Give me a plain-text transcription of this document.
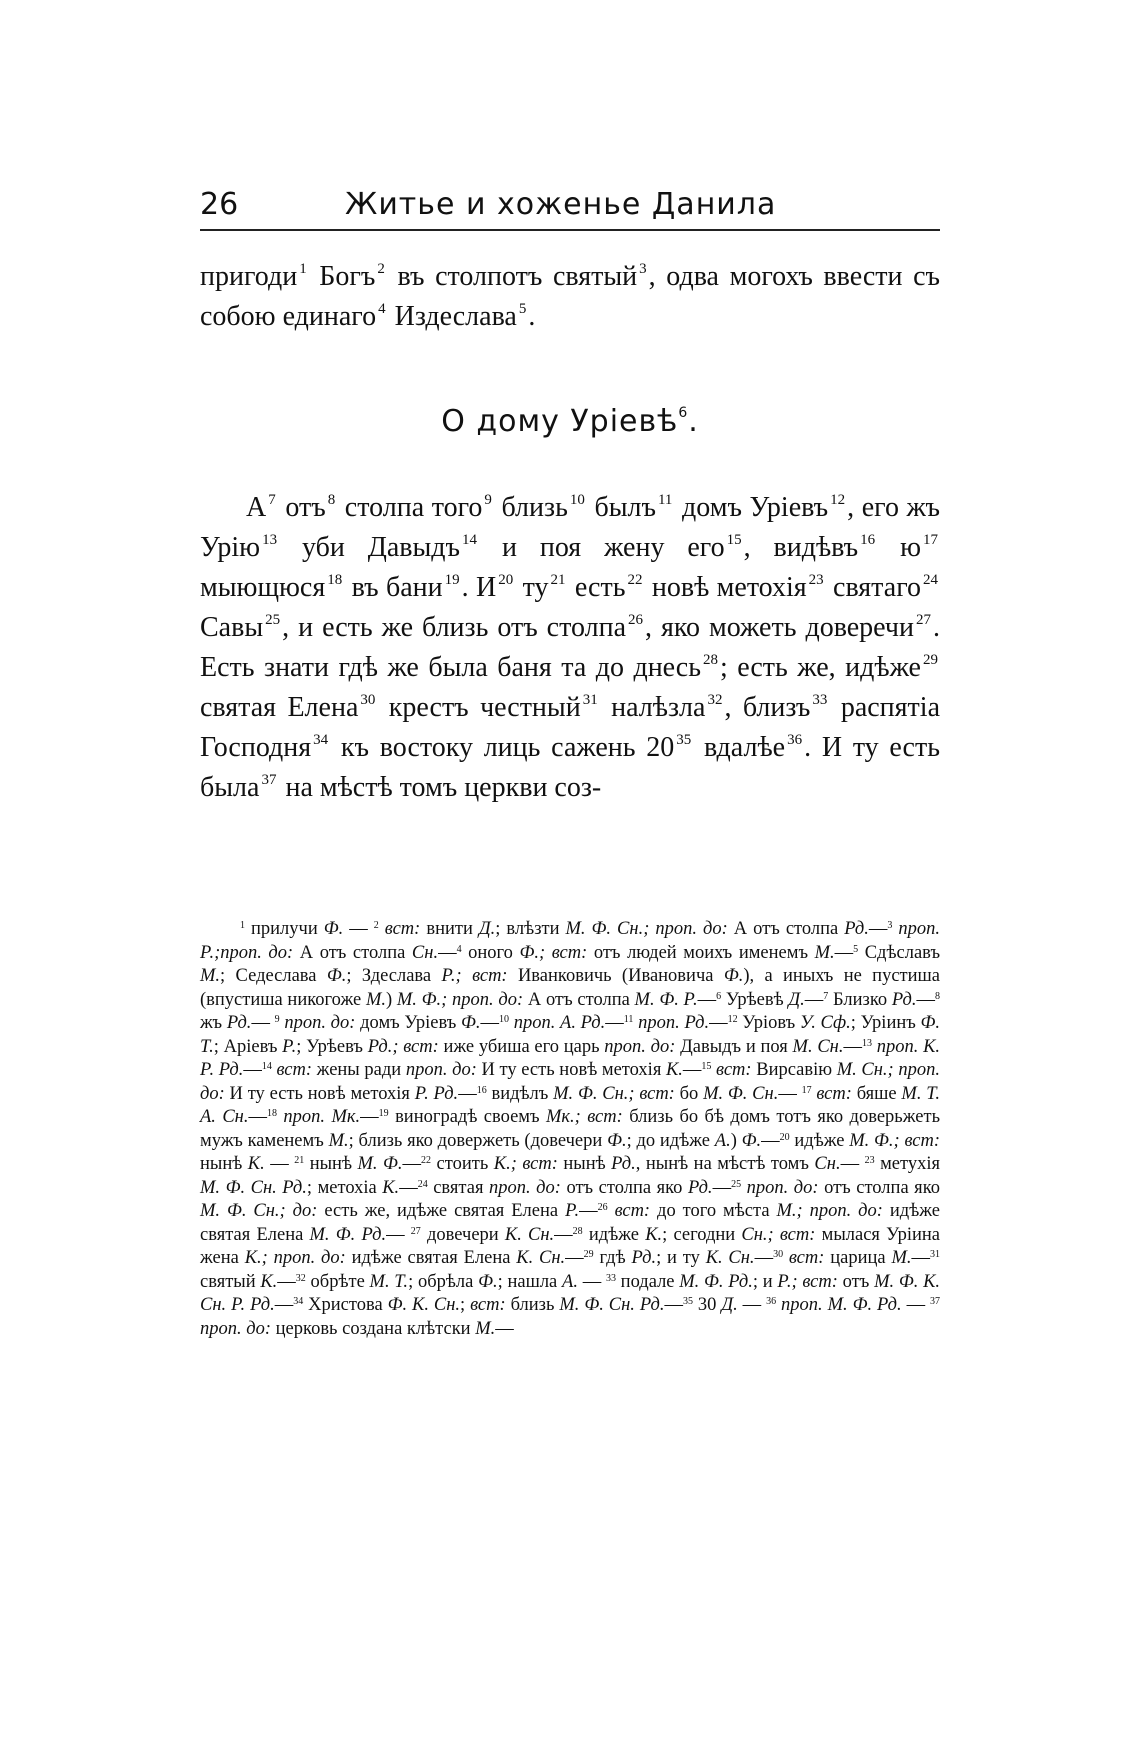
26	Житье и хоженье Данила
пригоди $^1$ Богъ $^2$ въ столпотъ святый $^3$, одва могохъ ввести съ собою единаго $^4$ Издеслава $^5$.
О дому Урiевѣ$^6$.
А $^7$ отъ $^8$ столпа того $^9$ близь $^{10}$ былъ $^{11}$ домъ Урiевъ $^{12}$, его жъ Урiю $^{13}$ уби Давыдъ $^{14}$ и поя жену его $^{15}$, видѣвъ $^{16}$ ю $^{17}$ мыющюся $^{18}$ въ бани $^{19}$. И $^{20}$ ту $^{21}$ есть $^{22}$ новѣ метохiя $^{23}$ святаго $^{24}$ Савы $^{25}$, и есть же близь отъ столпа $^{26}$, яко можеть доверечи $^{27}$. Есть знати гдѣ же была баня та до днесь $^{28}$; есть же, идѣже $^{29}$ святая Елена $^{30}$ крестъ честный $^{31}$ налѣзла $^{32}$, близъ $^{33}$ распятiа Господня $^{34}$ къ востоку лиць сажень 20 $^{35}$ вдалѣе $^{36}$. И ту есть была $^{37}$ на мѣстѣ томъ церкви соз-
$^1$ прилучи Ф. — $^2$ вст: внити Д.; влѣзти М. Ф. Сн.; проп. до: А отъ столпа Рд.—$^3$ проп. Р.;проп. до: А отъ столпа Сн.—$^4$ оного Ф.; вст: отъ людей моихъ именемъ М.—$^5$ Сдѣславъ М.; Седеслава Ф.; Здеслава Р.; вст: Иванковичь (Ивановича Ф.), а иныхъ не пустиша (впустиша никогоже М.) М. Ф.; проп. до: А отъ столпа М. Ф. Р.—$^6$ Урѣевѣ Д.—$^7$ Близко Рд.—$^8$ жъ Рд.— $^9$ проп. до: домъ Урiевъ Ф.—$^{10}$ проп. А. Рд.—$^{11}$ проп. Рд.—$^{12}$ Урiовъ У. Сф.; Урiинъ Ф. Т.; Арiевъ Р.; Урѣевъ Рд.; вст: иже убиша его царь проп. до: Давыдъ и поя М. Сн.—$^{13}$ проп. К. Р. Рд.—$^{14}$ вст: жены ради проп. до: И ту есть новѣ метохiя К.—$^{15}$ вст: Вирсавiю М. Сн.; проп. до: И ту есть новѣ метохiя Р. Рд.—$^{16}$ видѣлъ М. Ф. Сн.; вст: бо М. Ф. Сн.— $^{17}$ вст: бяше М. Т. А. Сн.—$^{18}$ проп. Мк.—$^{19}$ виноградѣ своемъ Мк.; вст: близь бо бѣ домъ тотъ яко доверьжеть мужъ каменемъ М.; близь яко довержеть (довечери Ф.; до идѣже А.) Ф.—$^{20}$ идѣже М. Ф.; вст: нынѣ К. — $^{21}$ нынѣ М. Ф.—$^{22}$ стоить К.; вст: нынѣ Рд., нынѣ на мѣстѣ томъ Сн.— $^{23}$ метухiя М. Ф. Сн. Рд.; метохiа К.—$^{24}$ святая проп. до: отъ столпа яко Рд.—$^{25}$ проп. до: отъ столпа яко М. Ф. Сн.; до: есть же, идѣже святая Елена Р.—$^{26}$ вст: до того мѣста М.; проп. до: идѣже святая Елена М. Ф. Рд.— $^{27}$ довечери К. Сн.—$^{28}$ идѣже К.; сегодни Сн.; вст: мылася Урiина жена К.; проп. до: идѣже святая Елена К. Сн.—$^{29}$ гдѣ Рд.; и ту К. Сн.—$^{30}$ вст: царица М.—$^{31}$ святый К.—$^{32}$ обрѣте М. Т.; обрѣла Ф.; нашла А. — $^{33}$ подале М. Ф. Рд.; и Р.; вст: отъ М. Ф. К. Сн. Р. Рд.—$^{34}$ Христова Ф. К. Сн.; вст: близь М. Ф. Сн. Рд.—$^{35}$ 30 Д. — $^{36}$ проп. М. Ф. Рд. — $^{37}$ проп. до: церковь создана клѣтски М.—
